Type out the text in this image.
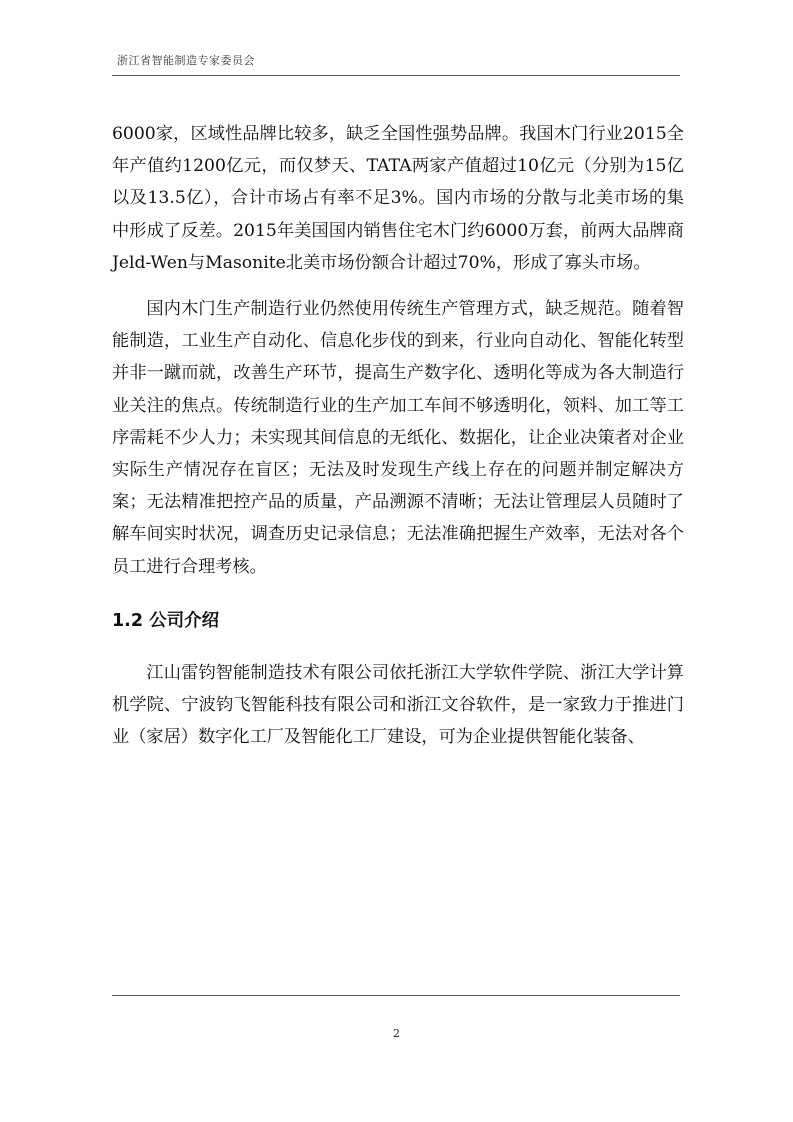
浙江省智能制造专家委员会

6000家，区域性品牌比较多，缺乏全国性强势品牌。我国木门行业2015全年产值约1200亿元，而仅梦天、TATA两家产值超过10亿元（分别为15亿以及13.5亿），合计市场占有率不足3%。国内市场的分散与北美市场的集中形成了反差。2015年美国国内销售住宅木门约6000万套，前两大品牌商Jeld-Wen与Masonite北美市场份额合计超过70%，形成了寡头市场。

国内木门生产制造行业仍然使用传统生产管理方式，缺乏规范。随着智能制造，工业生产自动化、信息化步伐的到来，行业向自动化、智能化转型并非一蹴而就，改善生产环节，提高生产数字化、透明化等成为各大制造行业关注的焦点。传统制造行业的生产加工车间不够透明化，领料、加工等工序需耗不少人力；未实现其间信息的无纸化、数据化，让企业决策者对企业实际生产情况存在盲区；无法及时发现生产线上存在的问题并制定解决方案；无法精准把控产品的质量，产品溯源不清晰；无法让管理层人员随时了解车间实时状况，调查历史记录信息；无法准确把握生产效率，无法对各个员工进行合理考核。

1.2 公司介绍

江山雷钧智能制造技术有限公司依托浙江大学软件学院、浙江大学计算机学院、宁波钧飞智能科技有限公司和浙江文谷软件，是一家致力于推进门业（家居）数字化工厂及智能化工厂建设，可为企业提供智能化装备、

2
